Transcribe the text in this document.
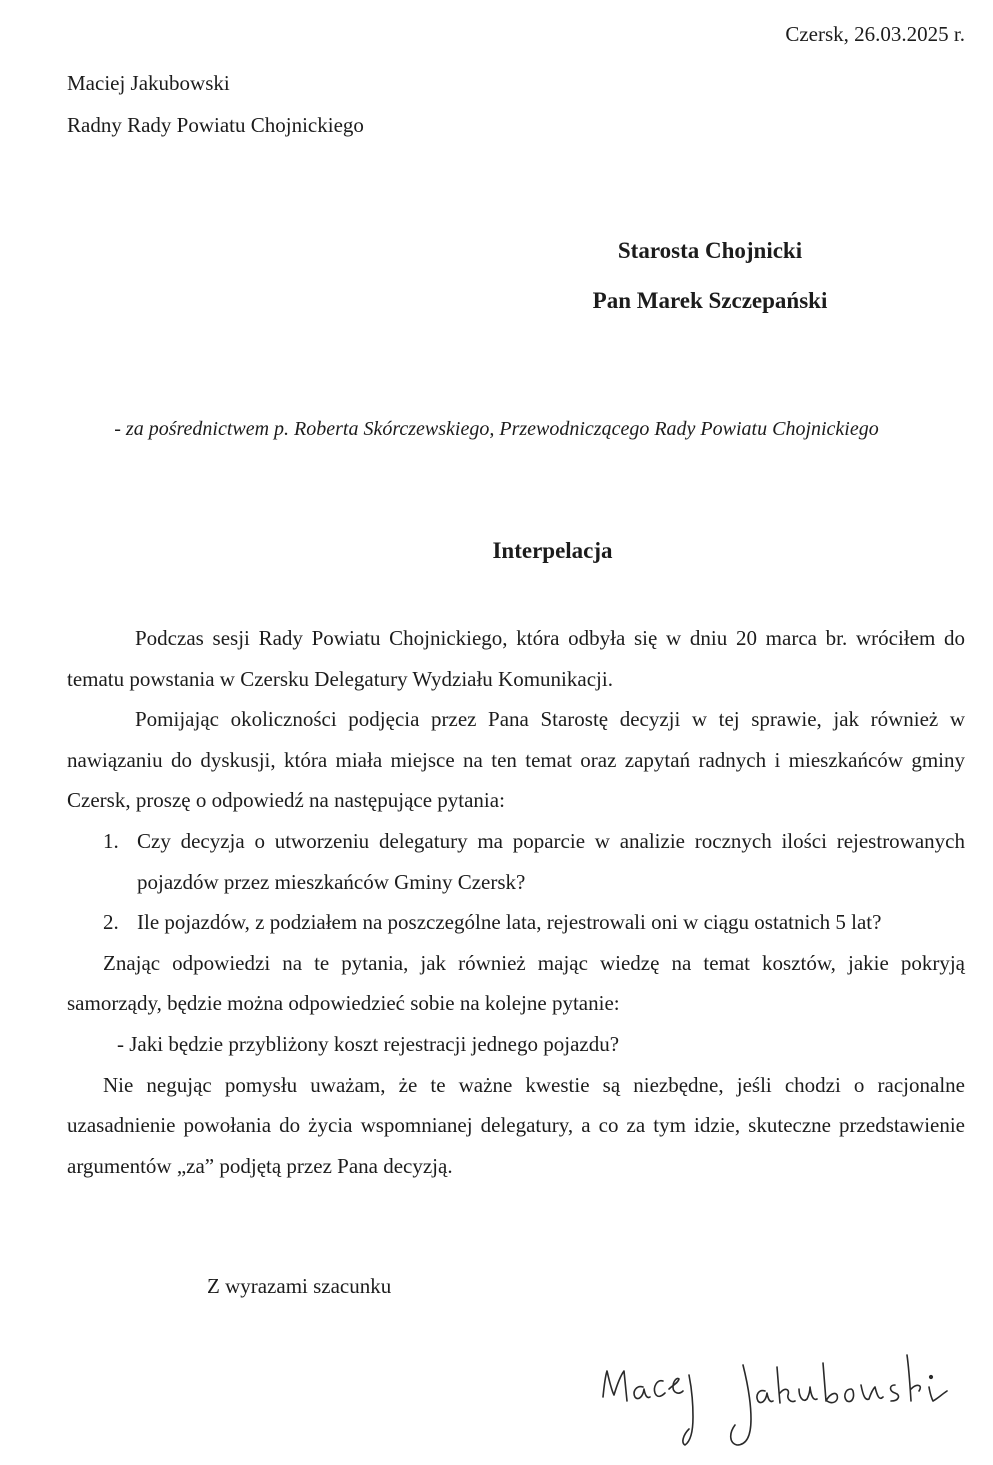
Czersk, 26.03.2025 r.
Maciej Jakubowski
Radny Rady Powiatu Chojnickiego
Starosta Chojnicki
Pan Marek Szczepański
- za pośrednictwem p. Roberta Skórczewskiego, Przewodniczącego Rady Powiatu Chojnickiego
Interpelacja

Podczas sesji Rady Powiatu Chojnickiego, która odbyła się w dniu 20 marca br. wróciłem do tematu powstania w Czersku Delegatury Wydziału Komunikacji.

Pomijając okoliczności podjęcia przez Pana Starostę decyzji w tej sprawie, jak również w nawiązaniu do dyskusji, która miała miejsce na ten temat oraz zapytań radnych i mieszkańców gminy Czersk, proszę o odpowiedź na następujące pytania:

1. Czy decyzja o utworzeniu delegatury ma poparcie w analizie rocznych ilości rejestrowanych pojazdów przez mieszkańców Gminy Czersk?
2. Ile pojazdów, z podziałem na poszczególne lata, rejestrowali oni w ciągu ostatnich 5 lat?

Znając odpowiedzi na te pytania, jak również mając wiedzę na temat kosztów, jakie pokryją samorządy, będzie można odpowiedzieć sobie na kolejne pytanie:

- Jaki będzie przybliżony koszt rejestracji jednego pojazdu?

Nie negując pomysłu uważam, że te ważne kwestie są niezbędne, jeśli chodzi o racjonalne uzasadnienie powołania do życia wspomnianej delegatury, a co za tym idzie, skuteczne przedstawienie argumentów „za” podjętą przez Pana decyzją.

Z wyrazami szacunku
